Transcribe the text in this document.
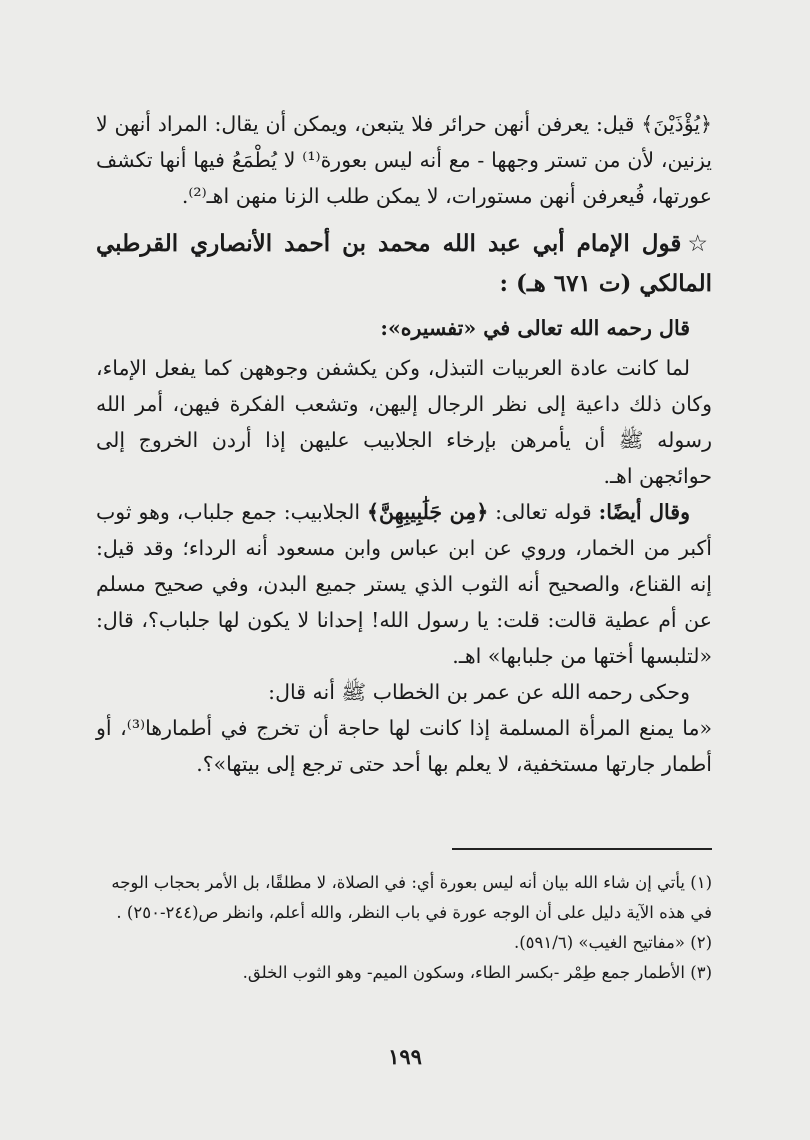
﴿يُؤْذَيْنَ﴾ قيل: يعرفن أنهن حرائر فلا يتبعن، ويمكن أن يقال: المراد أنهن لا يزنين، لأن من تستر وجهها - مع أنه ليس بعورة⁽¹⁾ لا يُطْمَعُ فيها أنها تكشف عورتها، فُيعرفن أنهن مستورات، لا يمكن طلب الزنا منهن اهـ⁽²⁾.

☆قول الإمام أبي عبد الله محمد بن أحمد الأنصاري القرطبي المالكي (ت ٦٧١ هـ) :

قال رحمه الله تعالى في «تفسيره»:

لما كانت عادة العربيات التبذل، وكن يكشفن وجوههن كما يفعل الإماء، وكان ذلك داعية إلى نظر الرجال إليهن، وتشعب الفكرة فيهن، أمر الله رسوله ﷺ أن يأمرهن بإرخاء الجلابيب عليهن إذا أردن الخروج إلى حوائجهن اهـ.

وقال أيضًا: قوله تعالى: ﴿مِن جَلَٰبِيبِهِنَّ﴾ الجلابيب: جمع جلباب، وهو ثوب أكبر من الخمار، وروي عن ابن عباس وابن مسعود أنه الرداء؛ وقد قيل: إنه القناع، والصحيح أنه الثوب الذي يستر جميع البدن، وفي صحيح مسلم عن أم عطية قالت: قلت: يا رسول الله! إحدانا لا يكون لها جلباب؟، قال: «لتلبسها أختها من جلبابها» اهـ.

وحكى رحمه الله عن عمر بن الخطاب ﷺ أنه قال:

«ما يمنع المرأة المسلمة إذا كانت لها حاجة أن تخرج في أطمارها⁽³⁾، أو أطمار جارتها مستخفية، لا يعلم بها أحد حتى ترجع إلى بيتها»؟.

(١) يأتي إن شاء الله بيان أنه ليس بعورة أي: في الصلاة، لا مطلقًا، بل الأمر بحجاب الوجه في هذه الآية دليل على أن الوجه عورة في باب النظر، والله أعلم، وانظر ص(٢٤٤-٢٥٠) .

(٢) «مفاتيح الغيب» (٥٩١/٦).

(٣) الأطمار جمع طِمْر -بكسر الطاء، وسكون الميم- وهو الثوب الخلق.

١٩٩
